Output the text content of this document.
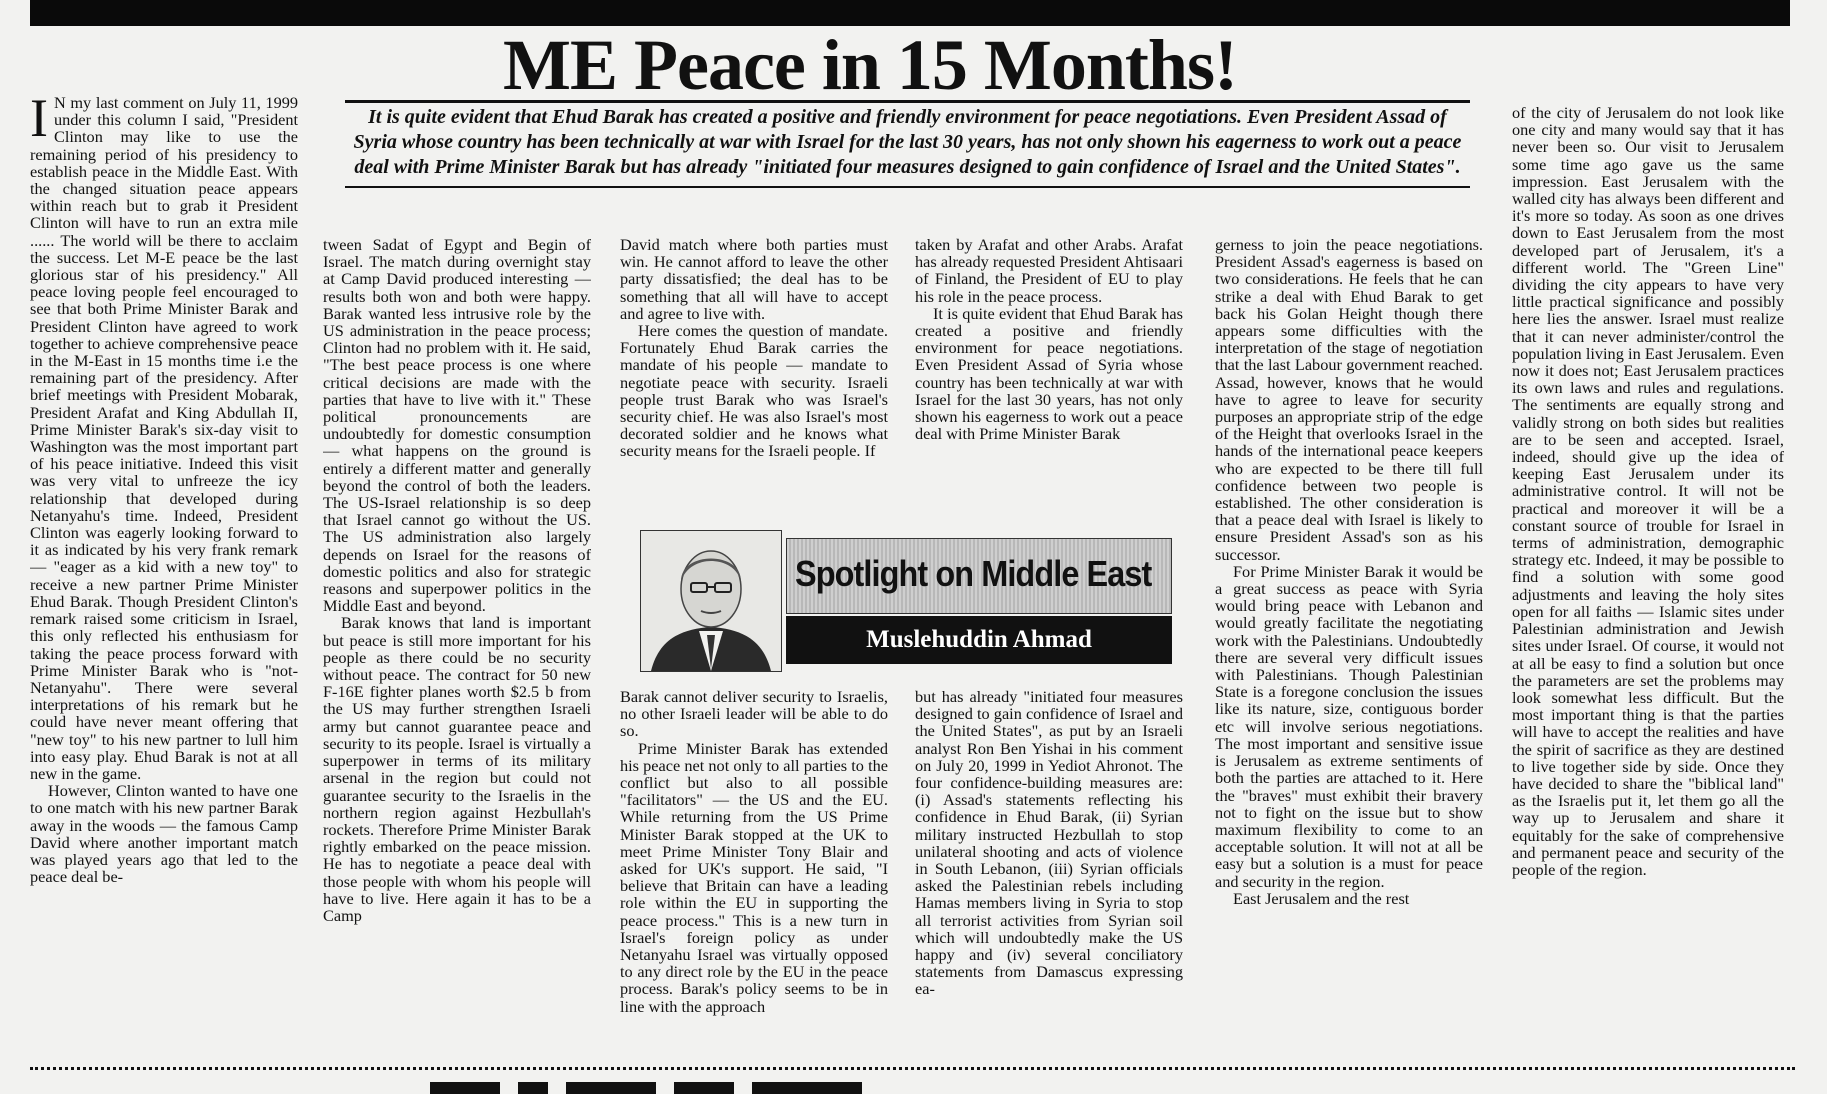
ME Peace in 15 Months!
It is quite evident that Ehud Barak has created a positive and friendly environment for peace negotiations. Even President Assad of Syria whose country has been technically at war with Israel for the last 30 years, has not only shown his eagerness to work out a peace deal with Prime Minister Barak but has already "initiated four measures designed to gain confidence of Israel and the United States".
I N my last comment on July 11, 1999 under this column I said, "President Clinton may like to use the remaining period of his presidency to establish peace in the Middle East. With the changed situation peace appears within reach but to grab it President Clinton will have to run an extra mile ...... The world will be there to acclaim the success. Let M-E peace be the last glorious star of his presidency." All peace loving people feel encouraged to see that both Prime Minister Barak and President Clinton have agreed to work together to achieve comprehensive peace in the M-East in 15 months time i.e the remaining part of the presidency. After brief meetings with President Mobarak, President Arafat and King Abdullah II, Prime Minister Barak's six-day visit to Washington was the most important part of his peace initiative. Indeed this visit was very vital to unfreeze the icy relationship that developed during Netanyahu's time. Indeed, President Clinton was eagerly looking forward to it as indicated by his very frank remark — "eager as a kid with a new toy" to receive a new partner Prime Minister Ehud Barak. Though President Clinton's remark raised some criticism in Israel, this only reflected his enthusiasm for taking the peace process forward with Prime Minister Barak who is "not-Netanyahu". There were several interpretations of his remark but he could have never meant offering that "new toy" to his new partner to lull him into easy play. Ehud Barak is not at all new in the game.

However, Clinton wanted to have one to one match with his new partner Barak away in the woods — the famous Camp David where another important match was played years ago that led to the peace deal be-

tween Sadat of Egypt and Begin of Israel. The match during overnight stay at Camp David produced interesting — results both won and both were happy. Barak wanted less intrusive role by the US administration in the peace process; Clinton had no problem with it. He said, "The best peace process is one where critical decisions are made with the parties that have to live with it." These political pronouncements are undoubtedly for domestic consumption — what happens on the ground is entirely a different matter and generally beyond the control of both the leaders. The US-Israel relationship is so deep that Israel cannot go without the US. The US administration also largely depends on Israel for the reasons of domestic politics and also for strategic reasons and superpower politics in the Middle East and beyond.

Barak knows that land is important but peace is still more important for his people as there could be no security without peace. The contract for 50 new F-16E fighter planes worth $2.5 b from the US may further strengthen Israeli army but cannot guarantee peace and security to its people. Israel is virtually a superpower in terms of its military arsenal in the region but could not guarantee security to the Israelis in the northern region against Hezbullah's rockets. Therefore Prime Minister Barak rightly embarked on the peace mission. He has to negotiate a peace deal with those people with whom his people will have to live. Here again it has to be a Camp

David match where both parties must win. He cannot afford to leave the other party dissatisfied; the deal has to be something that all will have to accept and agree to live with.

Here comes the question of mandate. Fortunately Ehud Barak carries the mandate of his people — mandate to negotiate peace with security. Israeli people trust Barak who was Israel's security chief. He was also Israel's most decorated soldier and he knows what security means for the Israeli people. If

taken by Arafat and other Arabs. Arafat has already requested President Ahtisaari of Finland, the President of EU to play his role in the peace process.

It is quite evident that Ehud Barak has created a positive and friendly environment for peace negotiations. Even President Assad of Syria whose country has been technically at war with Israel for the last 30 years, has not only shown his eagerness to work out a peace deal with Prime Minister Barak

Spotlight on Middle East
Muslehuddin Ahmad

Barak cannot deliver security to Israelis, no other Israeli leader will be able to do so.

Prime Minister Barak has extended his peace net not only to all parties to the conflict but also to all possible "facilitators" — the US and the EU. While returning from the US Prime Minister Barak stopped at the UK to meet Prime Minister Tony Blair and asked for UK's support. He said, "I believe that Britain can have a leading role within the EU in supporting the peace process." This is a new turn in Israel's foreign policy as under Netanyahu Israel was virtually opposed to any direct role by the EU in the peace process. Barak's policy seems to be in line with the approach

but has already "initiated four measures designed to gain confidence of Israel and the United States", as put by an Israeli analyst Ron Ben Yishai in his comment on July 20, 1999 in Yediot Ahronot. The four confidence-building measures are: (i) Assad's statements reflecting his confidence in Ehud Barak, (ii) Syrian military instructed Hezbullah to stop unilateral shooting and acts of violence in South Lebanon, (iii) Syrian officials asked the Palestinian rebels including Hamas members living in Syria to stop all terrorist activities from Syrian soil which will undoubtedly make the US happy and (iv) several conciliatory statements from Damascus expressing ea-

gerness to join the peace negotiations. President Assad's eagerness is based on two considerations. He feels that he can strike a deal with Ehud Barak to get back his Golan Height though there appears some difficulties with the interpretation of the stage of negotiation that the last Labour government reached. Assad, however, knows that he would have to agree to leave for security purposes an appropriate strip of the edge of the Height that overlooks Israel in the hands of the international peace keepers who are expected to be there till full confidence between two people is established. The other consideration is that a peace deal with Israel is likely to ensure President Assad's son as his successor.

For Prime Minister Barak it would be a great success as peace with Syria would bring peace with Lebanon and would greatly facilitate the negotiating work with the Palestinians. Undoubtedly there are several very difficult issues with Palestinians. Though Palestinian State is a foregone conclusion the issues like its nature, size, contiguous border etc will involve serious negotiations. The most important and sensitive issue is Jerusalem as extreme sentiments of both the parties are attached to it. Here the "braves" must exhibit their bravery not to fight on the issue but to show maximum flexibility to come to an acceptable solution. It will not at all be easy but a solution is a must for peace and security in the region.

East Jerusalem and the rest

of the city of Jerusalem do not look like one city and many would say that it has never been so. Our visit to Jerusalem some time ago gave us the same impression. East Jerusalem with the walled city has always been different and it's more so today. As soon as one drives down to East Jerusalem from the most developed part of Jerusalem, it's a different world. The "Green Line" dividing the city appears to have very little practical significance and possibly here lies the answer. Israel must realize that it can never administer/control the population living in East Jerusalem. Even now it does not; East Jerusalem practices its own laws and rules and regulations. The sentiments are equally strong and validly strong on both sides but realities are to be seen and accepted. Israel, indeed, should give up the idea of keeping East Jerusalem under its administrative control. It will not be practical and moreover it will be a constant source of trouble for Israel in terms of administration, demographic strategy etc. Indeed, it may be possible to find a solution with some good adjustments and leaving the holy sites open for all faiths — Islamic sites under Palestinian administration and Jewish sites under Israel. Of course, it would not at all be easy to find a solution but once the parameters are set the problems may look somewhat less difficult. But the most important thing is that the parties will have to accept the realities and have the spirit of sacrifice as they are destined to live together side by side. Once they have decided to share the "biblical land" as the Israelis put it, let them go all the way up to Jerusalem and share it equitably for the sake of comprehensive and permanent peace and security of the people of the region.
